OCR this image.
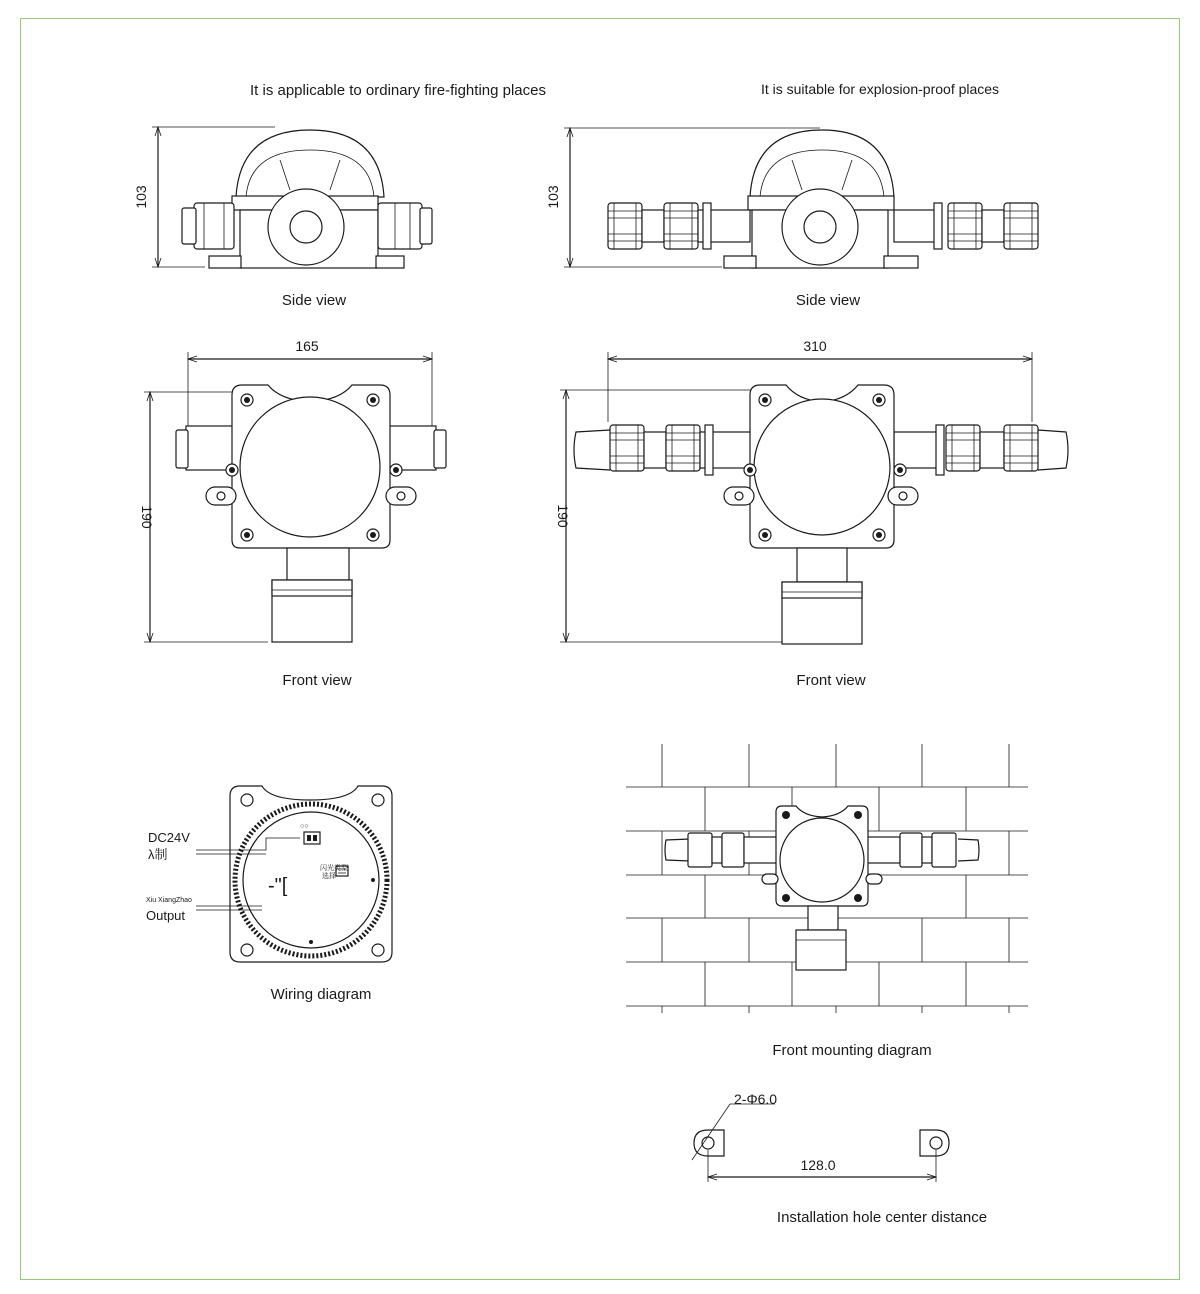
It is applicable to ordinary fire-fighting places	It is suitable for explosion-proof places
103
Side view
103
Side view
165
190
Front view
310
190
Front view
○○
闪光类型
选择
-"[
DC24V
λ制
Xiu XiangZhao
Output
Wiring diagram
Front mounting diagram
2-Φ6.0
128.0
Installation hole center distance
